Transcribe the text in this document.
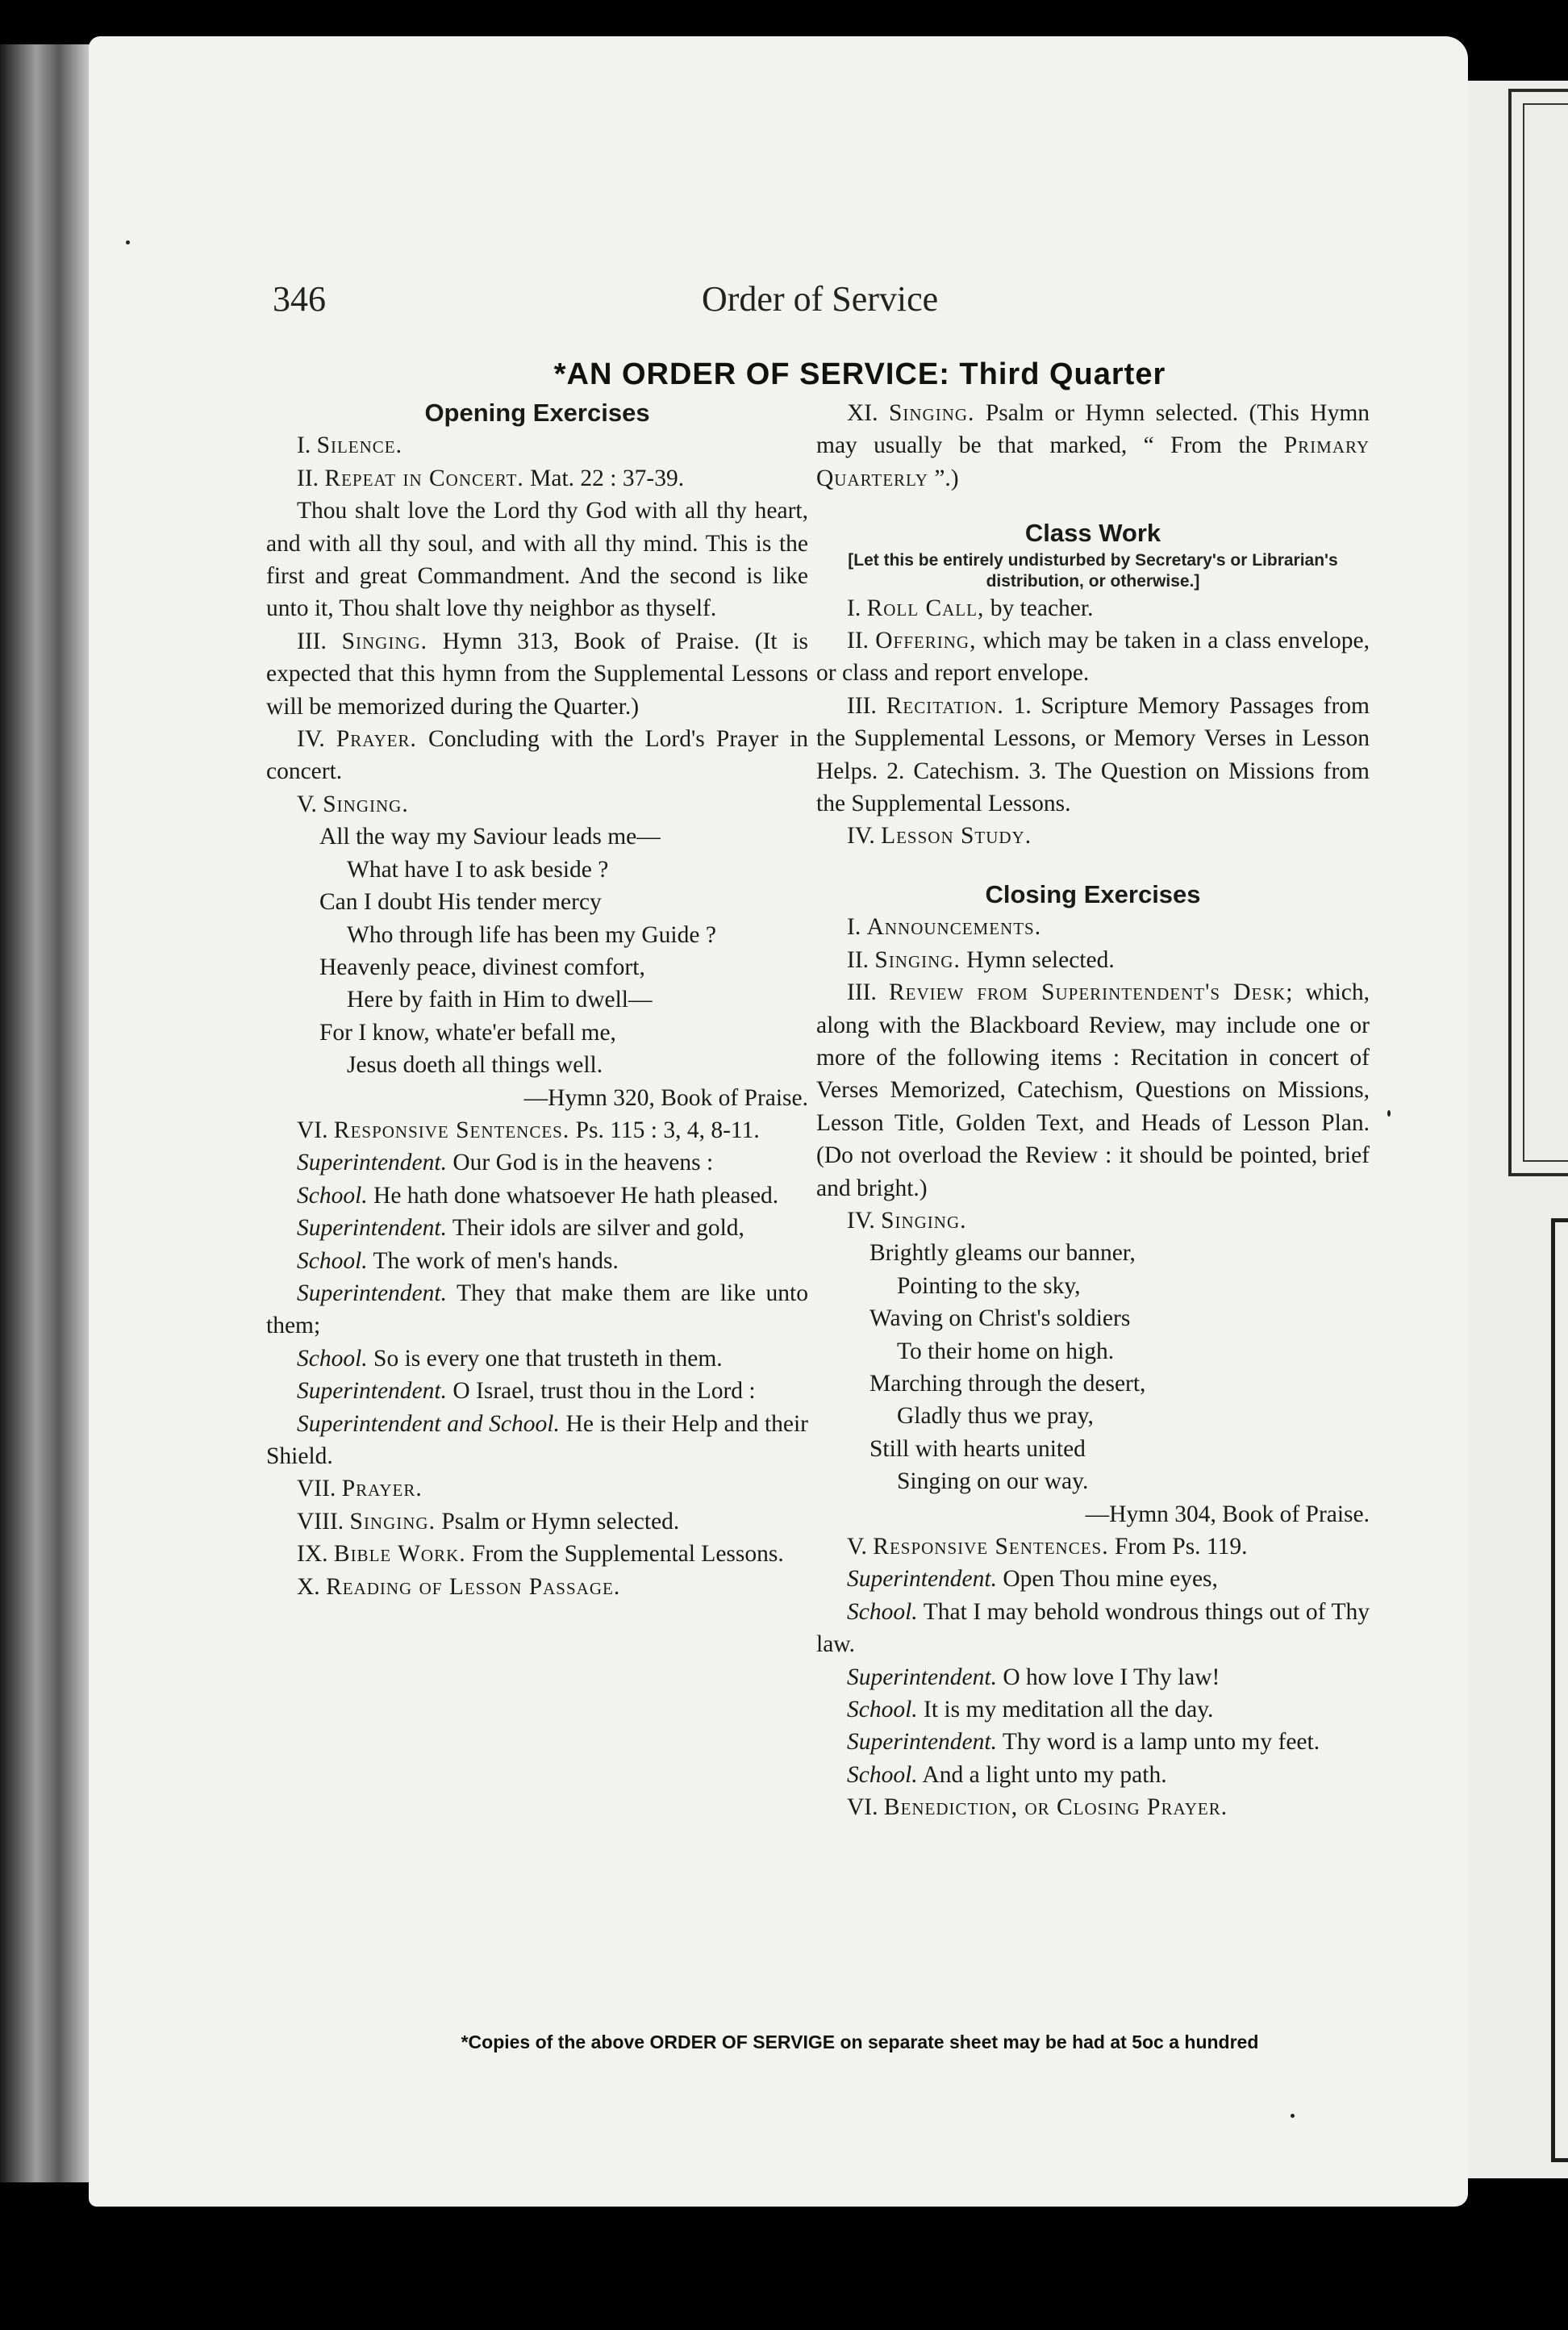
346	Order of Service
*AN ORDER OF SERVICE: Third Quarter

Opening Exercises

I. Silence.

II. Repeat in Concert. Mat. 22 : 37-39.

Thou shalt love the Lord thy God with all thy heart, and with all thy soul, and with all thy mind. This is the first and great Commandment. And the second is like unto it, Thou shalt love thy neighbor as thyself.

III. Singing. Hymn 313, Book of Praise. (It is expected that this hymn from the Supplemental Lessons will be memorized during the Quarter.)

IV. Prayer. Concluding with the Lord's Prayer in concert.

V. Singing.

All the way my Saviour leads me—
What have I to ask beside ?
Can I doubt His tender mercy
Who through life has been my Guide ?
Heavenly peace, divinest comfort,
Here by faith in Him to dwell—
For I know, whate'er befall me,
Jesus doeth all things well.

—Hymn 320, Book of Praise.

VI. Responsive Sentences. Ps. 115 : 3, 4, 8-11.

Superintendent. Our God is in the heavens :

School. He hath done whatsoever He hath pleased.

Superintendent. Their idols are silver and gold,

School. The work of men's hands.

Superintendent. They that make them are like unto them;

School. So is every one that trusteth in them.

Superintendent. O Israel, trust thou in the Lord :

Superintendent and School. He is their Help and their Shield.

VII. Prayer.

VIII. Singing. Psalm or Hymn selected.

IX. Bible Work. From the Supplemental Lessons.

X. Reading of Lesson Passage.

XI. Singing. Psalm or Hymn selected. (This Hymn may usually be that marked, “ From the Primary Quarterly ”.)

Class Work

[Let this be entirely undisturbed by Secretary's or Librarian's distribution, or otherwise.]

I. Roll Call, by teacher.

II. Offering, which may be taken in a class envelope, or class and report envelope.

III. Recitation. 1. Scripture Memory Passages from the Supplemental Lessons, or Memory Verses in Lesson Helps. 2. Catechism. 3. The Question on Missions from the Supplemental Lessons.

IV. Lesson Study.

Closing Exercises

I. Announcements.

II. Singing. Hymn selected.

III. Review from Superintendent's Desk; which, along with the Blackboard Review, may include one or more of the following items : Recitation in concert of Verses Memorized, Catechism, Questions on Missions, Lesson Title, Golden Text, and Heads of Lesson Plan. (Do not overload the Review : it should be pointed, brief and bright.)

IV. Singing.

Brightly gleams our banner,
Pointing to the sky,
Waving on Christ's soldiers
To their home on high.
Marching through the desert,
Gladly thus we pray,
Still with hearts united
Singing on our way.

—Hymn 304, Book of Praise.

V. Responsive Sentences. From Ps. 119.

Superintendent. Open Thou mine eyes,

School. That I may behold wondrous things out of Thy law.

Superintendent. O how love I Thy law!

School. It is my meditation all the day.

Superintendent. Thy word is a lamp unto my feet.

School. And a light unto my path.

VI. Benediction, or Closing Prayer.

*Copies of the above ORDER OF SERVIGE on separate sheet may be had at 5oc a hundred
